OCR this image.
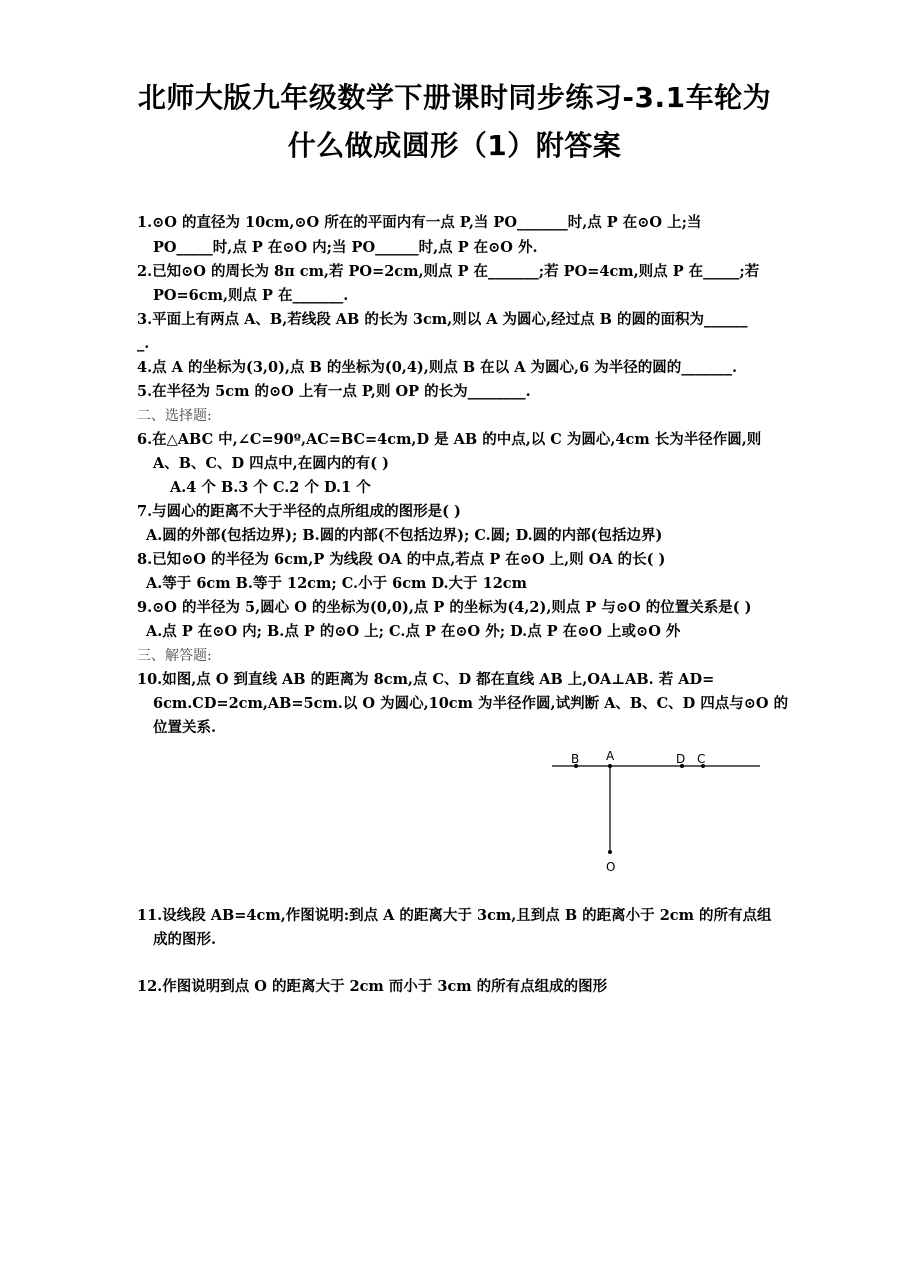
北师大版九年级数学下册课时同步练习-3.1车轮为
什么做成圆形（1）附答案
1.⊙O 的直径为 10cm,⊙O 所在的平面内有一点 P,当 PO_______时,点 P 在⊙O 上;当
PO_____时,点 P 在⊙O 内;当 PO______时,点 P 在⊙O 外.
2.已知⊙O 的周长为 8π cm,若 PO=2cm,则点 P 在_______;若 PO=4cm,则点 P 在_____;若
PO=6cm,则点 P 在_______.
3.平面上有两点 A、B,若线段 AB 的长为 3cm,则以 A 为圆心,经过点 B 的圆的面积为______
_.
4.点 A 的坐标为(3,0),点 B 的坐标为(0,4),则点 B 在以 A 为圆心,6 为半径的圆的_______.
5.在半径为 5cm 的⊙O 上有一点 P,则 OP 的长为________.
二、选择题:
6.在△ABC 中,∠C=90º,AC=BC=4cm,D 是 AB 的中点,以 C 为圆心,4cm 长为半径作圆,则
A、B、C、D 四点中,在圆内的有( )
A.4 个 B.3 个 C.2 个 D.1 个
7.与圆心的距离不大于半径的点所组成的图形是( )
A.圆的外部(包括边界); B.圆的内部(不包括边界); C.圆; D.圆的内部(包括边界)
8.已知⊙O 的半径为 6cm,P 为线段 OA 的中点,若点 P 在⊙O 上,则 OA 的长( )
A.等于 6cm B.等于 12cm; C.小于 6cm D.大于 12cm
9.⊙O 的半径为 5,圆心 O 的坐标为(0,0),点 P 的坐标为(4,2),则点 P 与⊙O 的位置关系是( )
A.点 P 在⊙O 内; B.点 P 的⊙O 上; C.点 P 在⊙O 外; D.点 P 在⊙O 上或⊙O 外
三、解答题:
10.如图,点 O 到直线 AB 的距离为 8cm,点 C、D 都在直线 AB 上,OA⊥AB. 若 AD=
6cm.CD=2cm,AB=5cm.以 O 为圆心,10cm 为半径作圆,试判断 A、B、C、D 四点与⊙O 的
位置关系.
B A	D C
O
11.设线段 AB=4cm,作图说明:到点 A 的距离大于 3cm,且到点 B 的距离小于 2cm 的所有点组
成的图形.
12.作图说明到点 O 的距离大于 2cm 而小于 3cm 的所有点组成的图形
